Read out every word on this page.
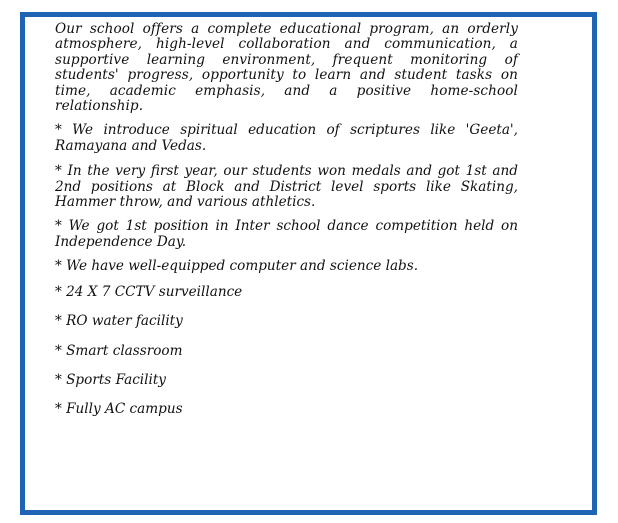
Our school offers a complete educational program, an orderly atmosphere, high-level collaboration and communication, a supportive learning environment, frequent monitoring of students' progress, opportunity to learn and student tasks on time, academic emphasis, and a positive home-school relationship.

* We introduce spiritual education of scriptures like 'Geeta', Ramayana and Vedas.

* In the very first year, our students won medals and got 1st and 2nd positions at Block and District level sports like Skating, Hammer throw, and various athletics.

* We got 1st position in Inter school dance competition held on Independence Day.

* We have well-equipped computer and science labs.

* 24 X 7 CCTV surveillance

* RO water facility

* Smart classroom

* Sports Facility

* Fully AC campus
